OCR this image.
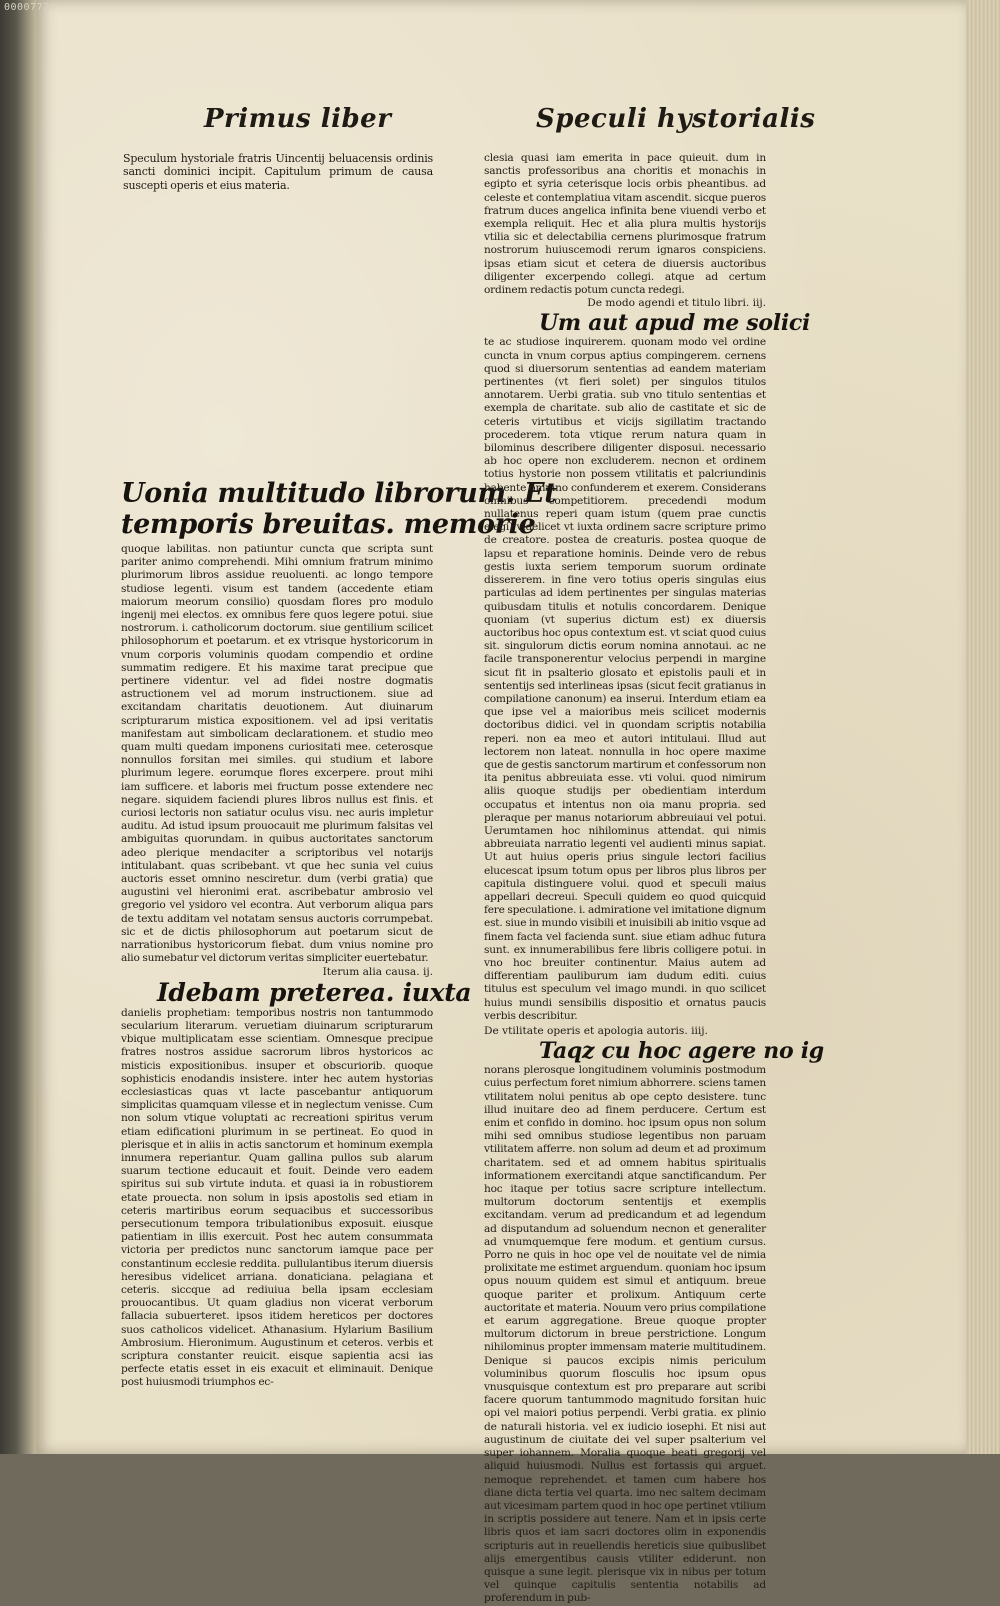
00007724
Primus liber	Speculi hystorialis

Speculum hystoriale fratris Uincentij beluacensis ordinis sancti dominici incipit. Capitulum primum de causa suscepti operis et eius materia.

Uonia multitudo librorum. Et
temporis breuitas. memorie

quoque labilitas. non patiuntur cuncta que scripta sunt pariter animo comprehendi. Mihi omnium fratrum minimo plurimorum libros assidue reuoluenti. ac longo tempore studiose legenti. visum est tandem (accedente etiam maiorum meorum consilio) quosdam flores pro modulo ingenij mei electos. ex omnibus fere quos legere potui. siue nostrorum. i. catholicorum doctorum. siue gentilium scilicet philosophorum et poetarum. et ex vtrisque hystoricorum in vnum corporis voluminis quodam compendio et ordine summatim redigere. Et his maxime tarat precipue que pertinere videntur. vel ad fidei nostre dogmatis astructionem vel ad morum instructionem. siue ad excitandam charitatis deuotionem. Aut diuinarum scripturarum mistica expositionem. vel ad ipsi veritatis manifestam aut simbolicam declarationem. et studio meo quam multi quedam imponens curiositati mee. ceterosque nonnullos forsitan mei similes. qui studium et labore plurimum legere. eorumque flores excerpere. prout mihi iam sufficere. et laboris mei fructum posse extendere nec negare. siquidem faciendi plures libros nullus est finis. et curiosi lectoris non satiatur oculus visu. nec auris impletur auditu. Ad istud ipsum prouocauit me plurimum falsitas vel ambiguitas quorundam. in quibus auctoritates sanctorum adeo plerique mendaciter a scriptoribus vel notarijs intitulabant. quas scribebant. vt que hec sunia vel cuius auctoris esset omnino nesciretur. dum (verbi gratia) que augustini vel hieronimi erat. ascribebatur ambrosio vel gregorio vel ysidoro vel econtra. Aut verborum aliqua pars de textu additam vel notatam sensus auctoris corrumpebat. sic et de dictis philosophorum aut poetarum sicut de narrationibus hystoricorum fiebat. dum vnius nomine pro alio sumebatur vel dictorum veritas simpliciter euertebatur.

Iterum alia causa. ij.
Idebam preterea. iuxta

danielis prophetiam: temporibus nostris non tantummodo secularium literarum. veruetiam diuinarum scripturarum vbique multiplicatam esse scientiam. Omnesque precipue fratres nostros assidue sacrorum libros hystoricos ac misticis expositionibus. insuper et obscuriorib. quoque sophisticis enodandis insistere. inter hec autem hystorias ecclesiasticas quas vt lacte pascebantur antiquorum simplicitas quamquam vilesse et in neglectum venisse. Cum non solum vtique voluptati ac recreationi spiritus verum etiam edificationi plurimum in se pertineat. Eo quod in plerisque et in aliis in actis sanctorum et hominum exempla innumera reperiantur. Quam gallina pullos sub alarum suarum tectione educauit et fouit. Deinde vero eadem spiritus sui sub virtute induta. et quasi ia in robustiorem etate prouecta. non solum in ipsis apostolis sed etiam in ceteris martiribus eorum sequacibus et successoribus persecutionum tempora tribulationibus exposuit. eiusque patientiam in illis exercuit. Post hec autem consummata victoria per predictos nunc sanctorum iamque pace per constantinum ecclesie reddita. pullulantibus iterum diuersis heresibus videlicet arriana. donaticiana. pelagiana et ceteris. siccque ad rediuiua bella ipsam ecclesiam prouocantibus. Ut quam gladius non vicerat verborum fallacia subuerteret. ipsos itidem hereticos per doctores suos catholicos videlicet. Athanasium. Hylarium Basilium Ambrosium. Hieronimum. Augustinum et ceteros. verbis et scriptura constanter reuicit. eisque sapientia acsi ias perfecte etatis esset in eis exacuit et eliminauit. Denique post huiusmodi triumphos ec-

clesia quasi iam emerita in pace quieuit. dum in sanctis professoribus ana choritis et monachis in egipto et syria ceterisque locis orbis pheantibus. ad celeste et contemplatiua vitam ascendit. sicque pueros fratrum duces angelica infinita bene viuendi verbo et exempla reliquit. Hec et alia plura multis hystorijs vtilia sic et delectabilia cernens plurimosque fratrum nostrorum huiuscemodi rerum ignaros conspiciens. ipsas etiam sicut et cetera de diuersis auctoribus diligenter excerpendo collegi. atque ad certum ordinem redactis potum cuncta redegi.

De modo agendi et titulo libri. iij.
Um aut apud me solici

te ac studiose inquirerem. quonam modo vel ordine cuncta in vnum corpus aptius compingerem. cernens quod si diuersorum sententias ad eandem materiam pertinentes (vt fieri solet) per singulos titulos annotarem. Uerbi gratia. sub vno titulo sententias et exempla de charitate. sub alio de castitate et sic de ceteris virtutibus et vicijs sigillatim tractando procederem. tota vtique rerum natura quam in bilominus describere diligenter disposui. necessario ab hoc opere non excluderem. necnon et ordinem totius hystorie non possem vtilitatis et palcriundinis habente omnino confunderem et exerem. Considerans omnibus competitiorem. precedendi modum nullatenus reperi quam istum (quem prae cunctis elegi) videlicet vt iuxta ordinem sacre scripture primo de creatore. postea de creaturis. postea quoque de lapsu et reparatione hominis. Deinde vero de rebus gestis iuxta seriem temporum suorum ordinate dissererem. in fine vero totius operis singulas eius particulas ad idem pertinentes per singulas materias quibusdam titulis et notulis concordarem. Denique quoniam (vt superius dictum est) ex diuersis auctoribus hoc opus contextum est. vt sciat quod cuius sit. singulorum dictis eorum nomina annotaui. ac ne facile transponerentur velocius perpendi in margine sicut fit in psalterio glosato et epistolis pauli et in sententijs sed interlineas ipsas (sicut fecit gratianus in compilatione canonum) ea inserui. Interdum etiam ea que ipse vel a maioribus meis scilicet modernis doctoribus didici. vel in quondam scriptis notabilia reperi. non ea meo et autori intitulaui. Illud aut lectorem non lateat. nonnulla in hoc opere maxime que de gestis sanctorum martirum et confessorum non ita penitus abbreuiata esse. vti volui. quod nimirum aliis quoque studijs per obedientiam interdum occupatus et intentus non oia manu propria. sed pleraque per manus notariorum abbreuiaui vel potui. Uerumtamen hoc nihilominus attendat. qui nimis abbreuiata narratio legenti vel audienti minus sapiat. Ut aut huius operis prius singule lectori facilius elucescat ipsum totum opus per libros plus libros per capitula distinguere volui. quod et speculi maius appellari decreui. Speculi quidem eo quod quicquid fere speculatione. i. admiratione vel imitatione dignum est. siue in mundo visibili et inuisibili ab initio vsque ad finem facta vel facienda sunt. siue etiam adhuc futura sunt. ex innumerabilibus fere libris colligere potui. in vno hoc breuiter continentur. Maius autem ad differentiam pauliburum iam dudum editi. cuius titulus est speculum vel imago mundi. in quo scilicet huius mundi sensibilis dispositio et ornatus paucis verbis describitur.

De vtilitate operis et apologia autoris. iiij.
Taqz cu hoc agere no ig

norans plerosque longitudinem voluminis postmodum cuius perfectum foret nimium abhorrere. sciens tamen vtilitatem nolui penitus ab ope cepto desistere. tunc illud inuitare deo ad finem perducere. Certum est enim et confido in domino. hoc ipsum opus non solum mihi sed omnibus studiose legentibus non paruam vtilitatem afferre. non solum ad deum et ad proximum charitatem. sed et ad omnem habitus spiritualis informationem exercitandi atque sanctificandum. Per hoc itaque per totius sacre scripture intellectum. multorum doctorum sententijs et exemplis excitandam. verum ad predicandum et ad legendum ad disputandum ad soluendum necnon et generaliter ad vnumquemque fere modum. et gentium cursus. Porro ne quis in hoc ope vel de nouitate vel de nimia prolixitate me estimet arguendum. quoniam hoc ipsum opus nouum quidem est simul et antiquum. breue quoque pariter et prolixum. Antiquum certe auctoritate et materia. Nouum vero prius compilatione et earum aggregatione. Breue quoque propter multorum dictorum in breue perstrictione. Longum nihilominus propter immensam materie multitudinem. Denique si paucos excipis nimis periculum voluminibus quorum flosculis hoc ipsum opus vnusquisque contextum est pro preparare aut scribi facere quorum tantummodo magnitudo forsitan huic opi vel maiori potius perpendi. Verbi gratia. ex plinio de naturali historia. vel ex iudicio iosephi. Et nisi aut augustinum de ciuitate dei vel super psalterium vel super iohannem. Moralia quoque beati gregorij vel aliquid huiusmodi. Nullus est fortassis qui arguet. nemoque reprehendet. et tamen cum habere hos diane dicta tertia vel quarta. imo nec saltem decimam aut vicesimam partem quod in hoc ope pertinet vtilium in scriptis possidere aut tenere. Nam et in ipsis certe libris quos et iam sacri doctores olim in exponendis scripturis aut in reuellendis hereticis siue quibuslibet alijs emergentibus causis vtiliter ediderunt. non quisque a sune legit. plerisque vix in nibus per totum vel quinque capitulis sententia notabilis ad proferendum in pub-
